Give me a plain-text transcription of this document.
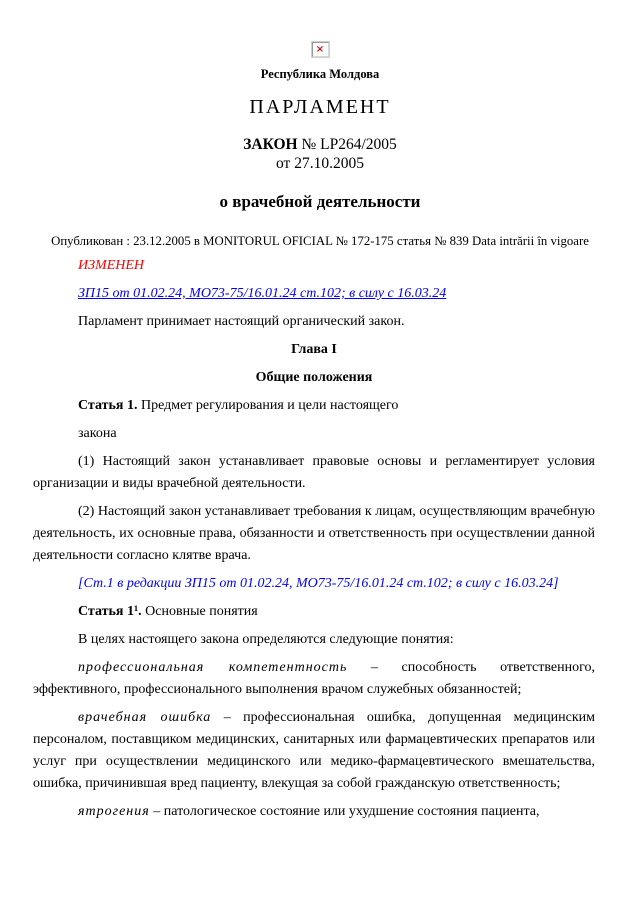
×
Республика Молдова
ПАРЛАМЕНТ
ЗАКОН № LP264/2005
от 27.10.2005
о врачебной деятельности
Опубликован : 23.12.2005 в MONITORUL OFICIAL № 172-175 статья № 839 Data intrării în vigoare

ИЗМЕНЕН

ЗП15 от 01.02.24, МО73-75/16.01.24 ст.102; в силу с 16.03.24

Парламент принимает настоящий органический закон.

Глава I

Общие положения

Статья 1. Предмет регулирования и цели настоящего

закона

(1) Настоящий закон устанавливает правовые основы и регламентирует условия организации и виды врачебной деятельности.

(2) Настоящий закон устанавливает требования к лицам, осуществляющим врачебную деятельность, их основные права, обязанности и ответственность при осуществлении данной деятельности согласно клятве врача.

[Ст.1 в редакции ЗП15 от 01.02.24, МО73-75/16.01.24 ст.102; в силу с 16.03.24]

Статья 1¹. Основные понятия

В целях настоящего закона определяются следующие понятия:

профессиональная компетентность – способность ответственного, эффективного, профессионального выполнения врачом служебных обязанностей;

врачебная ошибка – профессиональная ошибка, допущенная медицинским персоналом, поставщиком медицинских, санитарных или фармацевтических препаратов или услуг при осуществлении медицинского или медико-фармацевтического вмешательства, ошибка, причинившая вред пациенту, влекущая за собой гражданскую ответственность;

ятрогения – патологическое состояние или ухудшение состояния пациента,
